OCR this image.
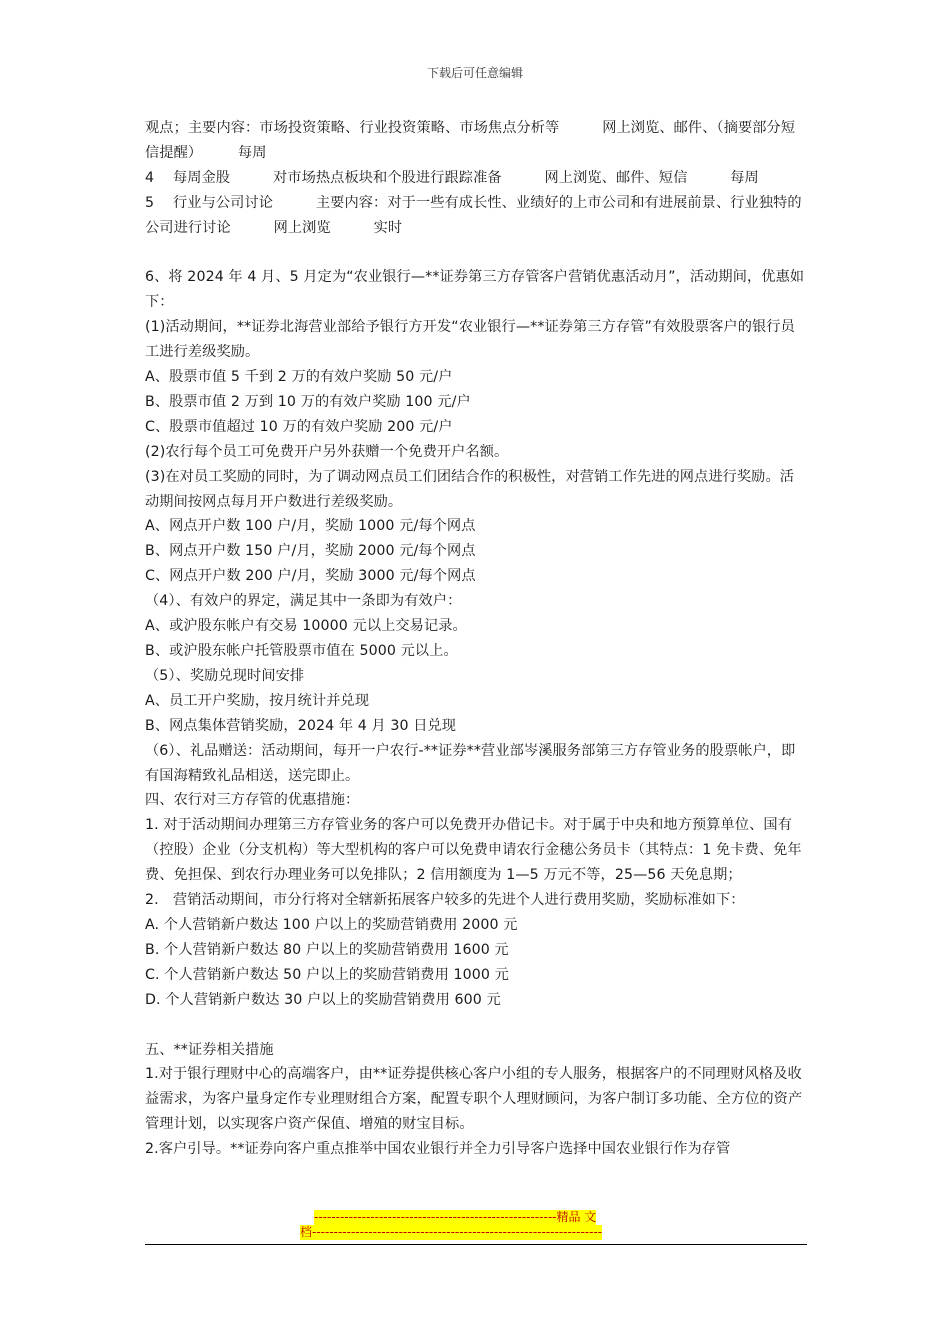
下载后可任意编辑

观点；主要内容：市场投资策略、行业投资策略、市场焦点分析等　　　网上浏览、邮件、（摘要部分短信提醒）　　　每周

4　 每周金股　　　对市场热点板块和个股进行跟踪准备　　　网上浏览、邮件、短信　　　每周

5　 行业与公司讨论　　　主要内容：对于一些有成长性、业绩好的上市公司和有进展前景、行业独特的公司进行讨论　　　网上浏览　　　实时

6、将 2024 年 4 月、5 月定为“农业银行—**证券第三方存管客户营销优惠活动月”，活动期间，优惠如下：

(1)活动期间，**证券北海营业部给予银行方开发“农业银行—**证券第三方存管”有效股票客户的银行员工进行差级奖励。

A、股票市值 5 千到 2 万的有效户奖励 50 元/户

B、股票市值 2 万到 10 万的有效户奖励 100 元/户

C、股票市值超过 10 万的有效户奖励 200 元/户

(2)农行每个员工可免费开户另外获赠一个免费开户名额。

(3)在对员工奖励的同时，为了调动网点员工们团结合作的积极性，对营销工作先进的网点进行奖励。活动期间按网点每月开户数进行差级奖励。

A、网点开户数 100 户/月，奖励 1000 元/每个网点

B、网点开户数 150 户/月，奖励 2000 元/每个网点

C、网点开户数 200 户/月，奖励 3000 元/每个网点

（4）、有效户的界定，满足其中一条即为有效户：

A、或沪股东帐户有交易 10000 元以上交易记录。

B、或沪股东帐户托管股票市值在 5000 元以上。

（5）、奖励兑现时间安排

A、员工开户奖励，按月统计并兑现

B、网点集体营销奖励，2024 年 4 月 30 日兑现

（6）、礼品赠送：活动期间，每开一户农行-**证券**营业部岑溪服务部第三方存管业务的股票帐户，即有国海精致礼品相送，送完即止。

四、农行对三方存管的优惠措施：

1. 对于活动期间办理第三方存管业务的客户可以免费开办借记卡。对于属于中央和地方预算单位、国有（控股）企业（分支机构）等大型机构的客户可以免费申请农行金穗公务员卡（其特点：1 免卡费、免年费、免担保、到农行办理业务可以免排队；2 信用额度为 1—5 万元不等，25—56 天免息期；

2.　营销活动期间，市分行将对全辖新拓展客户较多的先进个人进行费用奖励，奖励标准如下：

A. 个人营销新户数达 100 户以上的奖励营销费用 2000 元

B. 个人营销新户数达 80 户以上的奖励营销费用 1600 元

C. 个人营销新户数达 50 户以上的奖励营销费用 1000 元

D. 个人营销新户数达 30 户以上的奖励营销费用 600 元

五、**证券相关措施

1.对于银行理财中心的高端客户，由**证券提供核心客户小组的专人服务，根据客户的不同理财风格及收益需求，为客户量身定作专业理财组合方案，配置专职个人理财顾问，为客户制订多功能、全方位的资产管理计划，以实现客户资产保值、增殖的财宝目标。

2.客户引导。**证券向客户重点推举中国农业银行并全力引导客户选择中国农业银行作为存管

--------------------------------------------------------精品 文
档-------------------------------------------------------------------
